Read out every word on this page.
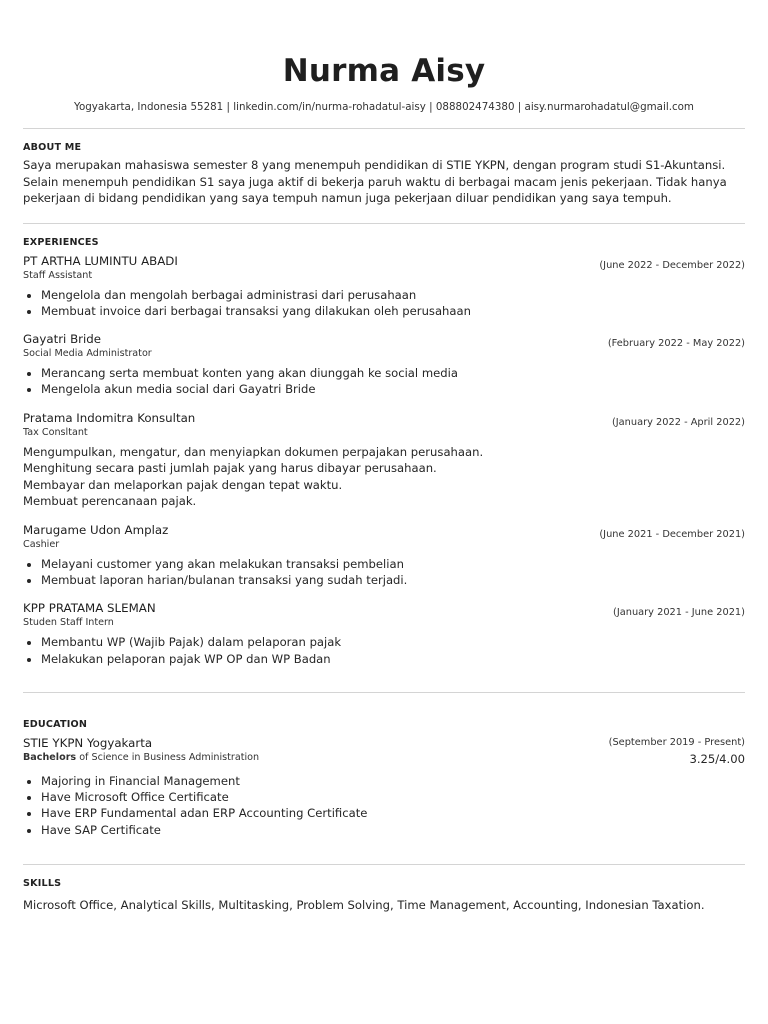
Nurma Aisy
Yogyakarta, Indonesia 55281 | linkedin.com/in/nurma-rohadatul-aisy | 088802474380 | aisy.nurmarohadatul@gmail.com
ABOUT ME
Saya merupakan mahasiswa semester 8 yang menempuh pendidikan di STIE YKPN, dengan program studi S1-Akuntansi. Selain menempuh pendidikan S1 saya juga aktif di bekerja paruh waktu di berbagai macam jenis pekerjaan. Tidak hanya pekerjaan di bidang pendidikan yang saya tempuh namun juga pekerjaan diluar pendidikan yang saya tempuh.
EXPERIENCES
PT ARTHA LUMINTU ABADI
Staff Assistant
(June 2022 - December 2022)
• Mengelola dan mengolah berbagai administrasi dari perusahaan
• Membuat invoice dari berbagai transaksi yang dilakukan oleh perusahaan
Gayatri Bride
Social Media Administrator
(February 2022 - May 2022)
• Merancang serta membuat konten yang akan diunggah ke social media
• Mengelola akun media social dari Gayatri Bride
Pratama Indomitra Konsultan
Tax Consltant
(January 2022 - April 2022)
Mengumpulkan, mengatur, dan menyiapkan dokumen perpajakan perusahaan.
Menghitung secara pasti jumlah pajak yang harus dibayar perusahaan.
Membayar dan melaporkan pajak dengan tepat waktu.
Membuat perencanaan pajak.
Marugame Udon Amplaz
Cashier
(June 2021 - December 2021)
• Melayani customer yang akan melakukan transaksi pembelian
• Membuat laporan harian/bulanan transaksi yang sudah terjadi.
KPP PRATAMA SLEMAN
Studen Staff Intern
(January 2021 - June 2021)
• Membantu WP (Wajib Pajak) dalam pelaporan pajak
• Melakukan pelaporan pajak WP OP dan WP Badan
EDUCATION
STIE YKPN Yogyakarta
Bachelors of Science in Business Administration
(September 2019 - Present)
3.25/4.00
• Majoring in Financial Management
• Have Microsoft Office Certificate
• Have ERP Fundamental adan ERP Accounting Certificate
• Have SAP Certificate
SKILLS
Microsoft Office, Analytical Skills, Multitasking, Problem Solving, Time Management, Accounting, Indonesian Taxation.
